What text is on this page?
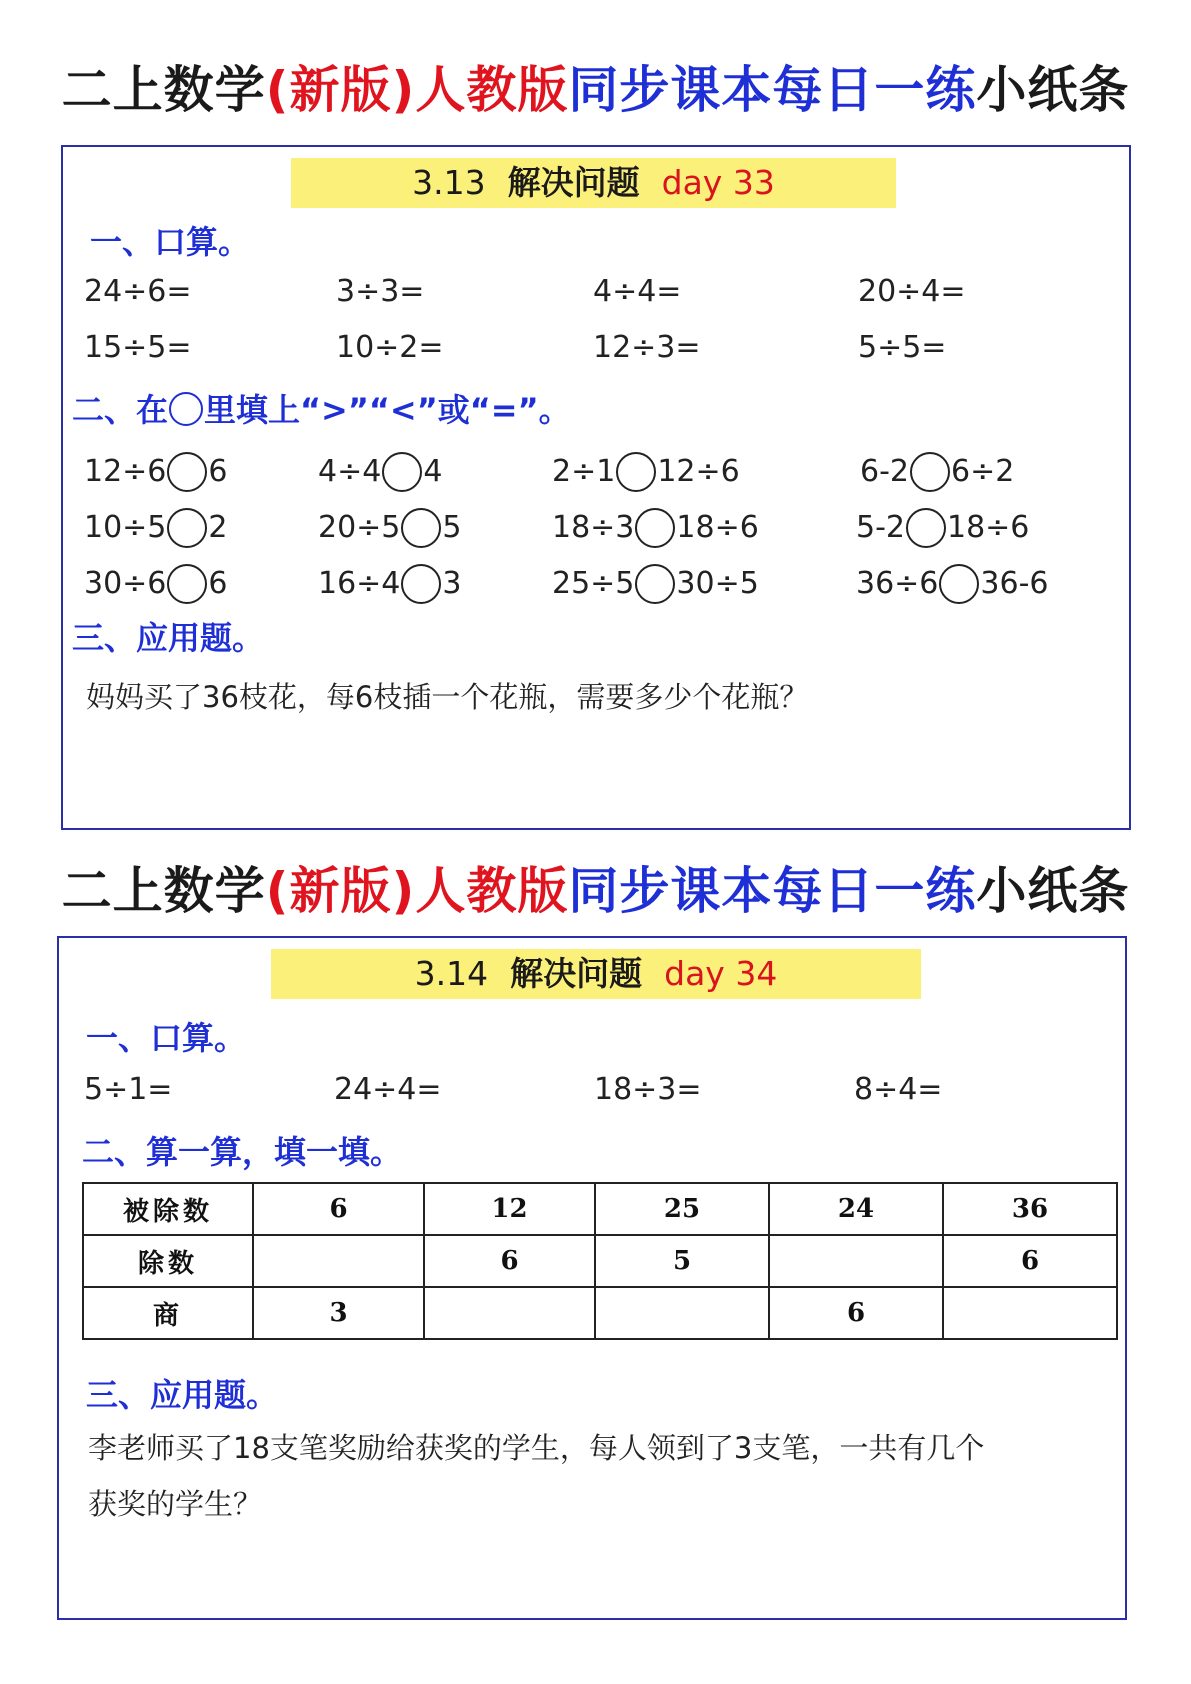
二上数学(新版)人教版同步课本每日一练小纸条
3.13 解决问题 day 33
一、口算。
24÷6=	3÷3=	4÷4=	20÷4=
15÷5=	10÷2=	12÷3=	5÷5=
二、在 里填上“>”“<”或“=”。
12÷6 6	4÷4 4	2÷1 12÷6	6-2 6÷2
10÷5 2	20÷5 5	18÷3 18÷6	5-2 18÷6
30÷6 6	16÷4 3	25÷5 30÷5	36÷6 36-6
三、应用题。
妈妈买了36枝花，每6枝插一个花瓶，需要多少个花瓶？
二上数学(新版)人教版同步课本每日一练小纸条
3.14 解决问题 day 34
一、口算。
5÷1=	24÷4=	18÷3=	8÷4=
二、算一算，填一填。
被除数	6	12	25	24	36
除数		6	5		6
商	3			6	
三、应用题。
李老师买了18支笔奖励给获奖的学生，每人领到了3支笔，一共有几个
获奖的学生？
